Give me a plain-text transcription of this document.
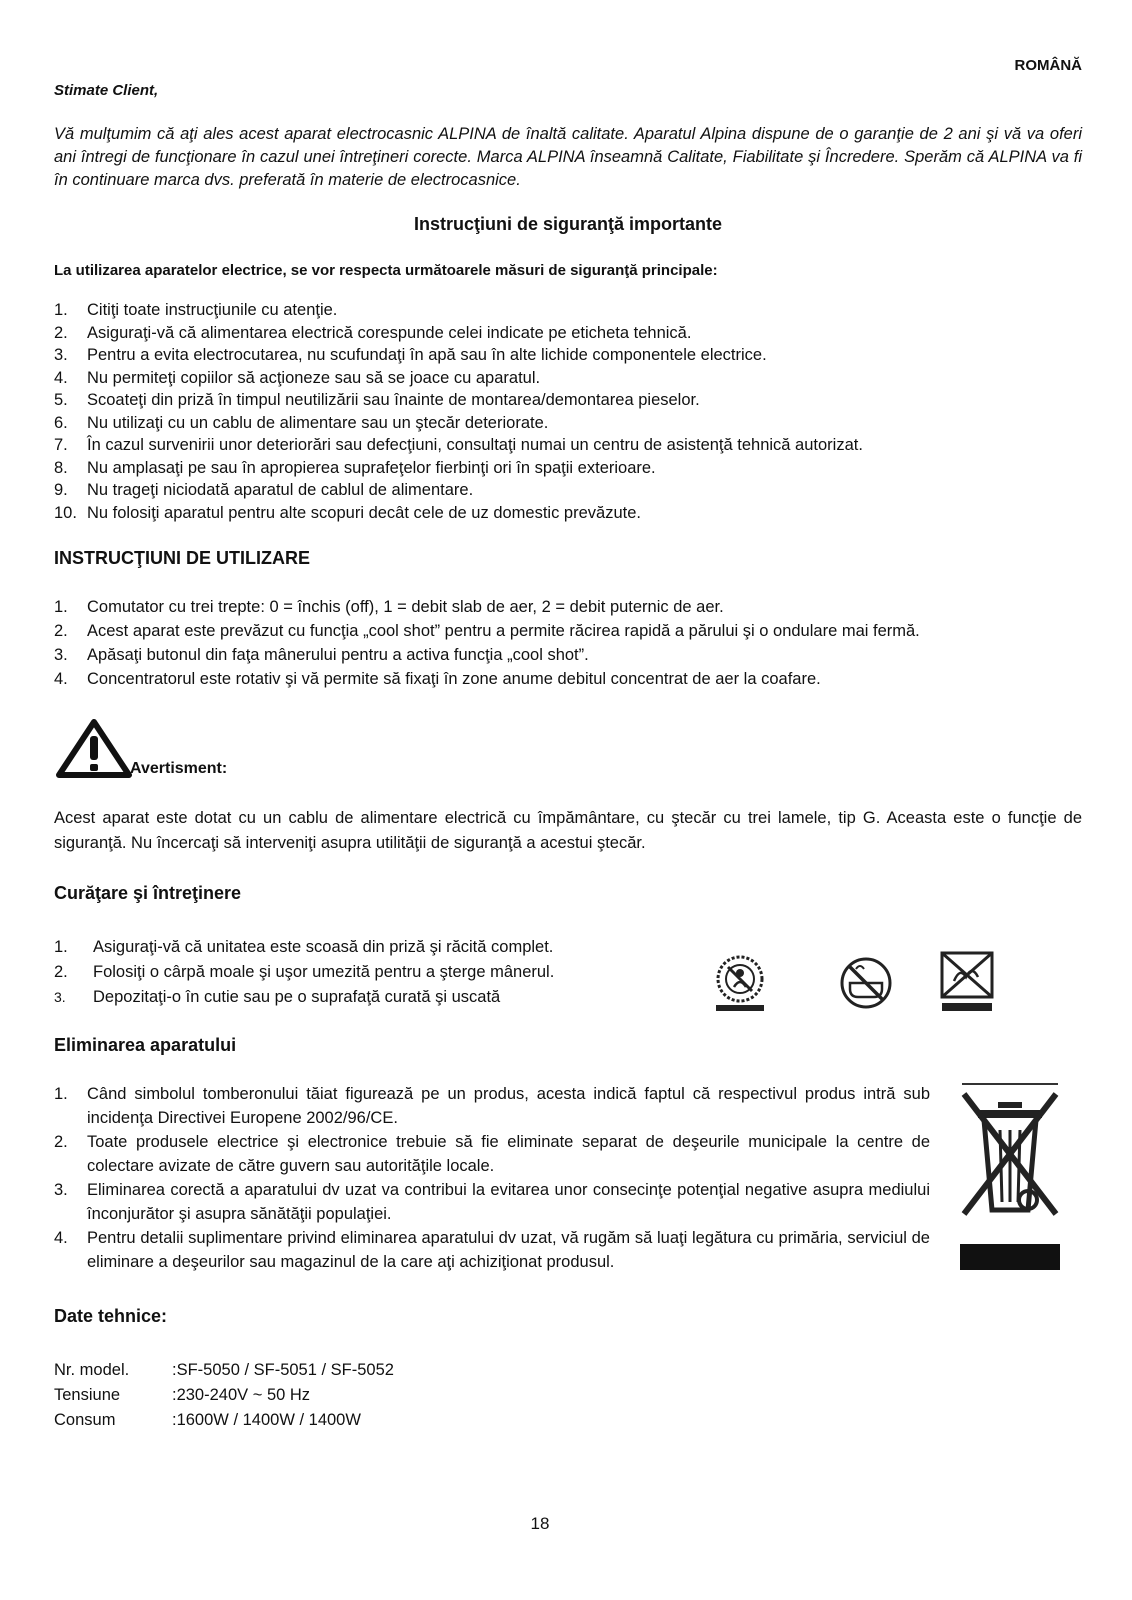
ROMÂNĂ
Stimate Client,
Vă mulţumim că aţi ales acest aparat electrocasnic ALPINA de înaltă calitate. Aparatul Alpina dispune de o garanţie de 2 ani şi vă va oferi ani întregi de funcţionare în cazul unei întreţineri corecte. Marca ALPINA înseamnă Calitate, Fiabilitate şi Încredere. Sperăm că ALPINA va fi în continuare marca dvs. preferată în materie de electrocasnice.
Instrucţiuni de siguranţă importante
La utilizarea aparatelor electrice, se vor respecta următoarele măsuri de siguranţă principale:
1. Citiţi toate instrucţiunile cu atenţie.
2. Asiguraţi-vă că alimentarea electrică corespunde celei indicate pe eticheta tehnică.
3. Pentru a evita electrocutarea, nu scufundaţi în apă sau în alte lichide componentele electrice.
4. Nu permiteţi copiilor să acţioneze sau să se joace cu aparatul.
5. Scoateţi din priză în timpul neutilizării sau înainte de montarea/demontarea pieselor.
6. Nu utilizaţi cu un cablu de alimentare sau un ştecăr deteriorate.
7. În cazul survenirii unor deteriorări sau defecţiuni, consultaţi numai un centru de asistenţă tehnică autorizat.
8. Nu amplasaţi pe sau în apropierea suprafeţelor fierbinţi ori în spaţii exterioare.
9. Nu trageţi niciodată aparatul de cablul de alimentare.
10. Nu folosiţi aparatul pentru alte scopuri decât cele de uz domestic prevăzute.
INSTRUCŢIUNI DE UTILIZARE
1. Comutator cu trei trepte: 0 = închis (off), 1 = debit slab de aer, 2 = debit puternic de aer.
2. Acest aparat este prevăzut cu funcţia „cool shot” pentru a permite răcirea rapidă a părului şi o ondulare mai fermă.
3. Apăsaţi butonul din faţa mânerului pentru a activa funcţia „cool shot”.
4. Concentratorul este rotativ şi vă permite să fixaţi în zone anume debitul concentrat de aer la coafare.
Avertisment:
Acest aparat este dotat cu un cablu de alimentare electrică cu împământare, cu ştecăr cu trei lamele, tip G. Aceasta este o funcţie de siguranţă. Nu încercaţi să interveniţi asupra utilităţii de siguranţă a acestui ştecăr.
Curăţare şi întreţinere
1. Asiguraţi-vă că unitatea este scoasă din priză şi răcită complet.
2. Folosiţi o cârpă moale şi uşor umezită pentru a şterge mânerul.
3. Depozitaţi-o în cutie sau pe o suprafaţă curată şi uscată
Eliminarea aparatului
1. Când simbolul tomberonului tăiat figurează pe un produs, acesta indică faptul că respectivul produs intră sub incidenţa Directivei Europene 2002/96/CE.
2. Toate produsele electrice şi electronice trebuie să fie eliminate separat de deşeurile municipale la centre de colectare avizate de către guvern sau autorităţile locale.
3. Eliminarea corectă a aparatului dv uzat va contribui la evitarea unor consecinţe potenţial negative asupra mediului înconjurător şi asupra sănătăţii populaţiei.
4. Pentru detalii suplimentare privind eliminarea aparatului dv uzat, vă rugăm să luaţi legătura cu primăria, serviciul de eliminare a deşeurilor sau magazinul de la care aţi achiziţionat produsul.
Date tehnice:
Nr. model.	:SF-5050 / SF-5051 / SF-5052
Tensiune	:230-240V ~ 50 Hz
Consum	:1600W / 1400W / 1400W
18
